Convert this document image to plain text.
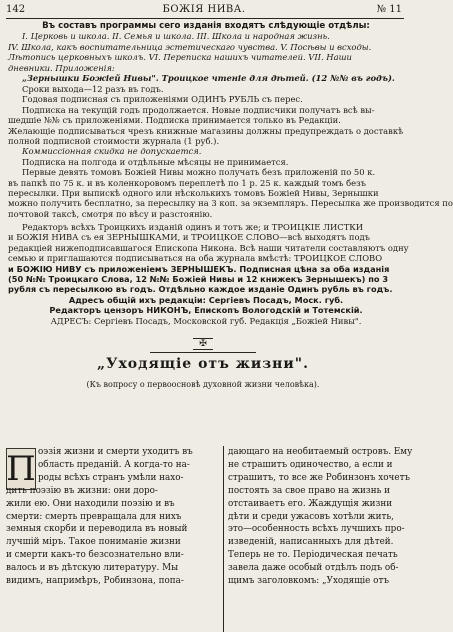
142	БОЖІЯ НИВА.	№ 11

Въ составъ программы сего изданія входятъ слѣдующіе отдѣлы:

I. Церковь и школа. II. Семья и школа. III. Школа и народная жизнь.

IV. Школа, какъ воспитательница эстетическаго чувства. V. Посѣвы и всходы.

Лѣтопись церковныхъ школъ. VI. Переписка нашихъ читателей. VII. Наши

дневники. Приложенія:

„Зернышки Божіей Нивы". Троицкое чтеніе для дѣтей. (12 №№ въ годъ).

Сроки выхода—12 разъ въ годъ.

Годовая подписная съ приложеніями ОДИНЪ РУБЛЬ съ перес.

Подписка на текущій годъ продолжается. Новые подписчики получатъ всѣ вы-

шедшіе №№ съ приложеніями. Подписка принимается только въ Редакціи.

Желающіе подписываться чрезъ книжные магазины должны предупреждать о доставкѣ

полной подписной стоимости журнала (1 руб.).

Коммиссіонная скидка не допускается.

Подписка на полгода и отдѣльные мѣсяцы не принимается.

Первые девять томовъ Божіей Нивы можно получать безъ приложеній по 50 к.

въ папкѣ по 75 к. и въ коленкоровомъ переплетѣ по 1 р. 25 к. каждый томъ безъ

пересылки. При выпискѣ одного или нѣсколькихъ томовъ Божіей Нивы, Зернышки

можно получить бесплатно, за пересылку на 3 коп. за экземпляръ. Пересылка же производится по

почтовой таксѣ, смотря по вѣсу и разстоянію.

Редакторъ всѣхъ Троицкихъ изданій одинъ и тотъ же; и ТРОИЦКІЕ ЛИСТКИ

и БОЖІЯ НИВА съ ея ЗЕРНЫШКАМИ, и ТРОИЦКОЕ СЛОВО—всѣ выходятъ подъ

редакціей нижеподписавшагося Епископа Никона. Всѣ наши читатели составляютъ одну

семью и приглашаются подписываться на оба журнала вмѣстѣ: ТРОИЦКОЕ СЛОВО

и БОЖІЮ НИВУ съ приложеніемъ ЗЕРНЫШЕКЪ. Подписная цѣна за оба изданія

(50 №№ Троицкаго Слова, 12 №№ Божіей Нивы и 12 книжекъ Зернышекъ) по 3

рубля съ пересылкою въ годъ. Отдѣльно каждое изданіе Одинъ рубль въ годъ.

Адресъ общій ихъ редакціи: Сергіевъ Посадъ, Моск. губ.

Редакторъ цензоръ НИКОНЪ, Епископъ Вологодскій и Тотемскій.

АДРЕСЪ: Сергіевъ Посадъ, Московской губ. Редакція „Божіей Нивы".

✠
„Уходящіе отъ жизни".
(Къ вопросу о первоосновѣ духовной жизни человѣка).
П оэзія жизни и смерти уходитъ въ

область преданій. А когда-то на-

роды всѣхъ странъ умѣли нахо-

дить поэзію въ жизни: они доро-

жили ею. Они находили поэзію и въ

смерти: смерть превращала для нихъ

земныя скорби и переводила въ новый

лучшій міръ. Такое пониманіе жизни

и смерти какъ-то безсознательно вли-

валось и въ дѣтскую литературу. Мы

видимъ, напримѣръ, Робинзона, попа-

дающаго на необитаемый островъ. Ему

не страшитъ одиночество, а если и

страшитъ, то все же Робинзонъ хочетъ

постоять за свое право на жизнь и

отстаиваетъ его. Жаждущія жизни

дѣти и среди ужасовъ хотѣли жить,

это—особенность всѣхъ лучшихъ про-

изведеній, написанныхъ для дѣтей.

Теперь не то. Періодическая печать

завела даже особый отдѣлъ подъ об-

щимъ заголовкомъ: „Уходящіе отъ
